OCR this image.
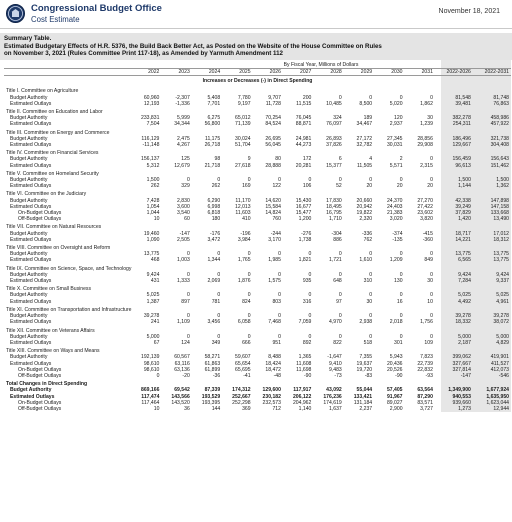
Congressional Budget Office
Cost Estimate
November 18, 2021
Summary Table.
Estimated Budgetary Effects of H.R. 5376, the Build Back Better Act, as Posted on the Website of the House Committee on Rules
on November 3, 2021 (Rules Committee Print 117-18), as Amended by Yarmuth Amendment 112
	By Fiscal Year, Millions of Dollars											
	2022	2023	2024	2025	2026	2027	2028	2029	2030	2031	2022-2026	2022-2031
Increases or Decreases (-) in Direct Spending												
Title I. Committee on Agriculture												
Budget Authority	60,960	-2,307	5,408	7,780	9,707	200	0	0	0	0	81,548	81,748
Estimated Outlays	12,193	-1,336	7,701	9,197	11,728	11,515	10,485	8,500	5,020	1,862	39,481	76,863
Title II. Committee on Education and Labor												
Budget Authority	233,831	5,999	6,275	65,012	70,254	76,045	324	189	120	30	382,278	458,986
Estimated Outlays	7,504	34,344	56,800	71,139	84,524	88,871	76,097	34,467	2,937	1,239	254,311	457,922
Title III. Committee on Energy and Commerce												
Budget Authority	116,129	2,475	11,175	30,024	26,695	24,981	26,893	27,172	27,345	28,856	186,496	321,738
Estimated Outlays	-11,148	4,267	26,718	51,704	56,045	44,273	37,826	32,782	30,031	29,908	129,667	304,408
Title IV. Committee on Financial Services												
Budget Authority	156,137	125	98	9	80	172	6	4	2	0	156,459	156,643
Estimated Outlays	5,312	12,679	21,718	27,618	28,888	20,281	15,377	11,505	5,571	2,315	96,613	151,462
Title V. Committee on Homeland Security												
Budget Authority	1,500	0	0	0	0	0	0	0	0	0	1,500	1,500
Estimated Outlays	262	329	262	169	122	106	52	20	20	20	1,144	1,362
Title VI. Committee on the Judiciary												
Budget Authority	7,428	2,830	6,290	11,170	14,620	15,430	17,830	20,660	24,370	27,270	42,338	147,898
Estimated Outlays	1,054	3,600	6,998	12,013	15,584	16,677	18,495	20,942	24,403	27,422	39,249	147,158
On-Budget Outlays	1,044	3,540	6,818	11,603	14,824	15,477	16,795	19,822	21,383	23,602	37,829	133,668
Off-Budget Outlays	10	60	180	410	760	1,200	1,710	2,320	3,020	3,820	1,420	13,490
Title VII. Committee on Natural Resources												
Budget Authority	19,460	-147	-176	-196	-244	-276	-304	-336	-374	-415	18,717	17,012
Estimated Outlays	1,090	2,505	3,472	3,984	3,170	1,738	886	762	-135	-360	14,221	18,312
Title VIII. Committee on Oversight and Reform												
Budget Authority	13,775	0	0	0	0	0	0	0	0	0	13,775	13,775
Estimated Outlays	468	1,003	1,344	1,765	1,985	1,821	1,721	1,610	1,209	849	6,565	13,775
Title IX. Committee on Science, Space, and Technology												
Budget Authority	9,424	0	0	0	0	0	0	0	0	0	9,424	9,424
Estimated Outlays	431	1,333	2,069	1,876	1,575	935	648	310	130	30	7,284	9,337
Title X. Committee on Small Business												
Budget Authority	5,025	0	0	0	0	0	0	0	0	0	5,025	5,025
Estimated Outlays	1,387	897	781	824	803	316	97	30	16	10	4,492	4,961
Title XI. Committee on Transportation and Infrastructure												
Budget Authority	39,278	0	0	0	0	0	0	0	0	0	39,278	39,278
Estimated Outlays	241	1,109	3,456	6,058	7,468	7,059	4,970	2,938	2,018	1,756	18,332	38,072
Title XII. Committee on Veterans Affairs												
Budget Authority	5,000	0	0	0	0	0	0	0	0	0	5,000	5,000
Estimated Outlays	67	124	349	666	951	892	822	518	301	109	2,187	4,829
Title XIII. Committee on Ways and Means												
Budget Authority	192,139	60,567	58,271	59,607	8,488	1,365	-1,647	7,355	5,943	7,823	399,062	419,901
Estimated Outlays	98,610	63,116	61,863	65,654	18,424	11,608	9,410	19,637	20,436	22,739	327,667	411,527
On-Budget Outlays	98,610	63,136	61,899	65,695	18,472	11,698	9,483	19,720	20,526	22,832	327,814	412,073
Off-Budget Outlays	0	-20	-36	-41	-48	-90	-73	-83	-90	-93	-147	-546
Total Changes in Direct Spending												
Budget Authority	869,166	69,542	87,339	174,312	129,600	117,917	43,092	55,044	57,405	63,564	1,349,900	1,677,924
Estimated Outlays	117,474	143,566	193,529	252,667	230,182	206,122	176,236	133,421	91,967	87,290	940,553	1,635,950
On-Budget Outlays	117,464	143,520	193,395	252,298	232,573	204,962	174,619	131,184	89,027	83,571	939,660	1,623,044
Off-Budget Outlays	10	36	144	369	712	1,140	1,637	2,237	2,900	3,727	1,273	12,944
